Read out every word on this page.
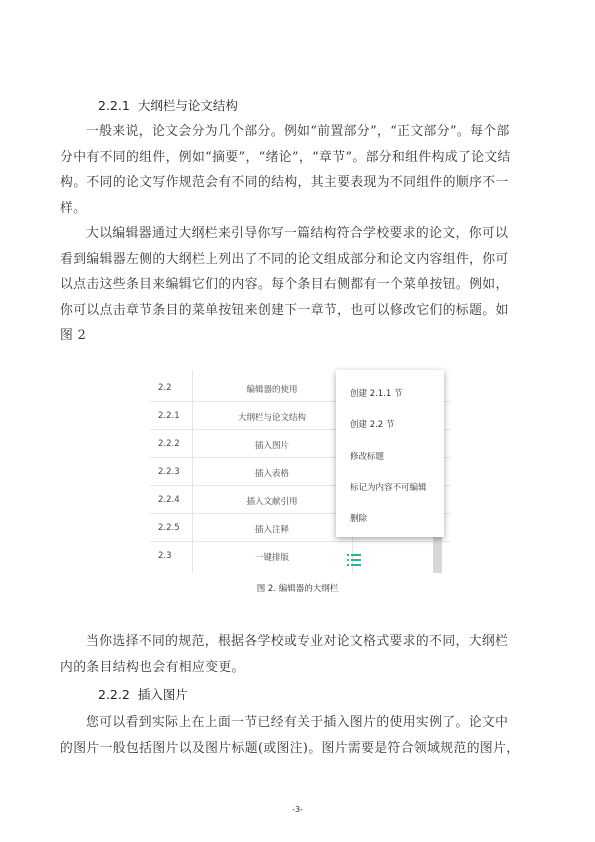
2.2.1 大纲栏与论文结构
一般来说，论文会分为几个部分。例如“前置部分”，“正文部分”。每个部
分中有不同的组件，例如“摘要”，“绪论”，“章节”。部分和组件构成了论文结
构。不同的论文写作规范会有不同的结构，其主要表现为不同组件的顺序不一
样。
大以编辑器通过大纲栏来引导你写一篇结构符合学校要求的论文，你可以
看到编辑器左侧的大纲栏上列出了不同的论文组成部分和论文内容组件，你可
以点击这些条目来编辑它们的内容。每个条目右侧都有一个菜单按钮。例如，
你可以点击章节条目的菜单按钮来创建下一章节，也可以修改它们的标题。如
图 2
2.2	编辑器的使用
2.2.1	大纲栏与论文结构
2.2.2	插入图片
2.2.3	插入表格
2.2.4	插入文献引用
2.2.5	插入注释
2.3	一键排版
创建 2.1.1 节
创建 2.2 节
修改标题
标记为内容不可编辑
删除
图 2. 编辑器的大纲栏
当你选择不同的规范，根据各学校或专业对论文格式要求的不同，大纲栏
内的条目结构也会有相应变更。
2.2.2 插入图片
您可以看到实际上在上面一节已经有关于插入图片的使用实例了。论文中
的图片一般包括图片以及图片标题(或图注)。图片需要是符合领域规范的图片，
-3-
